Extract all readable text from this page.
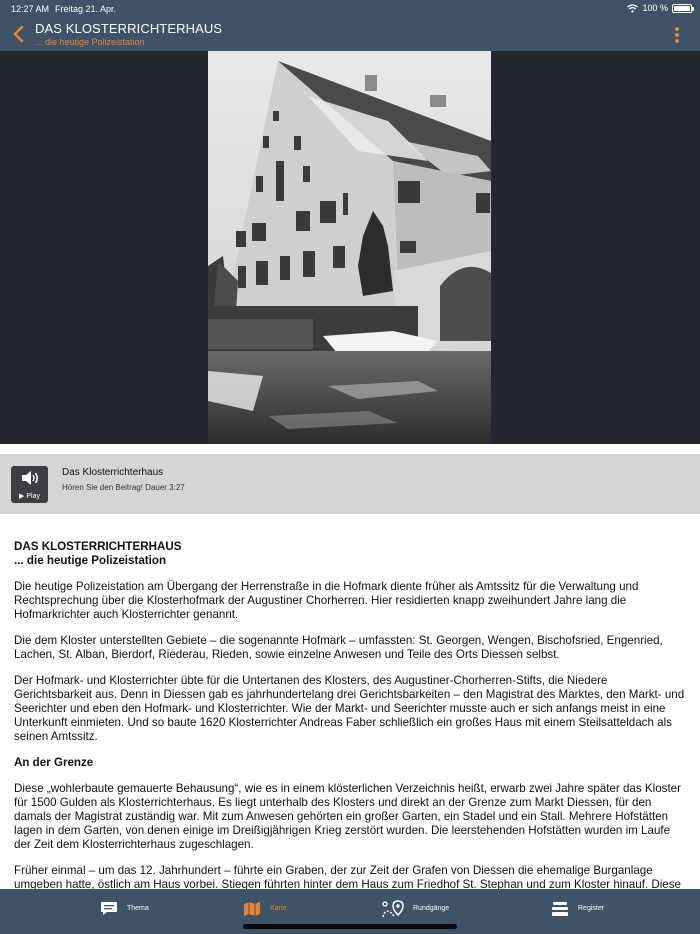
12:27 AM Freitag 21. Apr.	100 %
DAS KLOSTERRICHTERHAUS
... die heutige Polizeistation
▶ Play
Das Klosterrichterhaus
Hören Sie den Beitrag! Dauer 3:27
DAS KLOSTERRICHTERHAUS
... die heutige Polizeistation

Die heutige Polizeistation am Übergang der Herrenstraße in die Hofmark diente früher als Amtssitz für die Verwaltung und Rechtsprechung über die Klosterhofmark der Augustiner Chorherren. Hier residierten knapp zweihundert Jahre lang die Hofmarkrichter auch Klosterrichter genannt.

Die dem Kloster unterstellten Gebiete – die sogenannte Hofmark – umfassten: St. Georgen, Wengen, Bischofsried, Engenried, Lachen, St. Alban, Bierdorf, Riederau, Rieden, sowie einzelne Anwesen und Teile des Orts Diessen selbst.

Der Hofmark- und Klosterrichter übte für die Untertanen des Klosters, des Augustiner-Chorherren-Stifts, die Niedere Gerichtsbarkeit aus. Denn in Diessen gab es jahrhundertelang drei Gerichtsbarkeiten – den Magistrat des Marktes, den Markt- und Seerichter und eben den Hofmark- und Klosterrichter. Wie der Markt- und Seerichter musste auch er sich anfangs meist in eine Unterkunft einmieten. Und so baute 1620 Klosterrichter Andreas Faber schließlich ein großes Haus mit einem Steilsatteldach als seinen Amtssitz.

An der Grenze

Diese „wohlerbaute gemauerte Behausung“, wie es in einem klösterlichen Verzeichnis heißt, erwarb zwei Jahre später das Kloster für 1500 Gulden als Klosterrichterhaus. Es liegt unterhalb des Klosters und direkt an der Grenze zum Markt Diessen, für den damals der Magistrat zuständig war. Mit zum Anwesen gehörten ein großer Garten, ein Stadel und ein Stall. Mehrere Hofstätten lagen in dem Garten, von denen einige im Dreißigjährigen Krieg zerstört wurden. Die leerstehenden Hofstätten wurden im Laufe der Zeit dem Klosterrichterhaus zugeschlagen.

Früher einmal – um das 12. Jahrhundert – führte ein Graben, der zur Zeit der Grafen von Diessen die ehemalige Burganlage umgeben hatte, östlich am Haus vorbei. Stiegen führten hinter dem Haus zum Friedhof St. Stephan und zum Kloster hinauf. Diese

Thema	Karte	Rundgänge	Register
